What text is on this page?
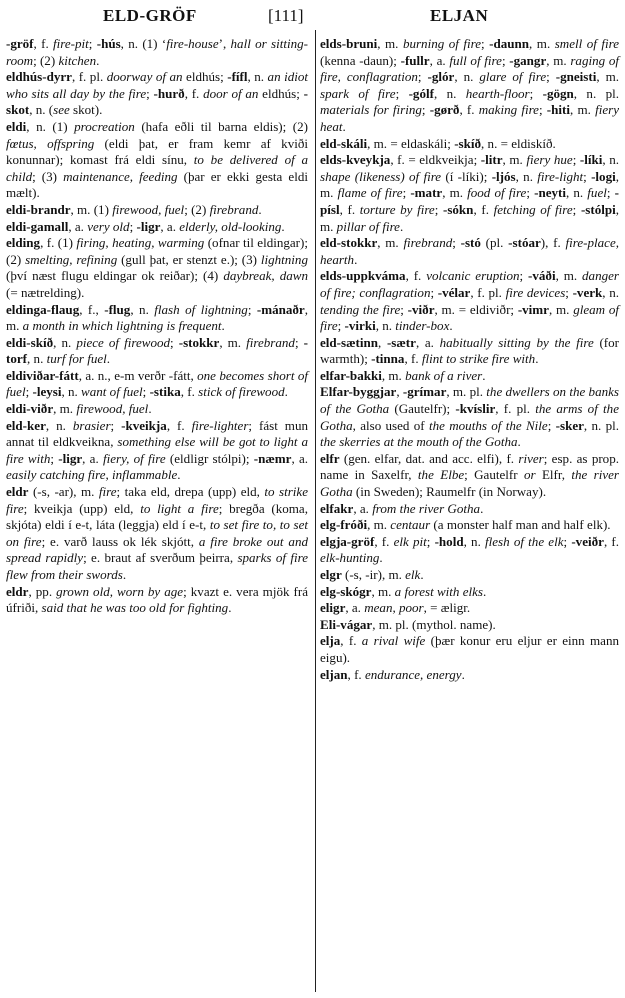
ELD-GRÖF	[111]	ELJAN

-gröf, f. fire-pit; -hús, n. (1) ‘fire-house’, hall or sitting-room; (2) kitchen.

eldhús-dyrr, f. pl. doorway of an eldhús; -fífl, n. an idiot who sits all day by the fire; -hurð, f. door of an eldhús; -skot, n. (see skot).

eldi, n. (1) procreation (hafa eðli til barna eldis); (2) fœtus, offspring (eldi þat, er fram kemr af kviði konunnar); komast frá eldi sínu, to be delivered of a child; (3) maintenance, feeding (þar er ekki gesta eldi mælt).

eldi-brandr, m. (1) firewood, fuel; (2) firebrand.

eldi-gamall, a. very old; -ligr, a. elderly, old-looking.

elding, f. (1) firing, heating, warming (ofnar til eldingar); (2) smelting, refining (gull þat, er stenzt e.); (3) lightning (því næst flugu eldingar ok reiðar); (4) daybreak, dawn (= nætrelding).

eldinga-flaug, f., -flug, n. flash of lightning; -mánaðr, m. a month in which lightning is frequent.

eldi-skíð, n. piece of firewood; -stokkr, m. firebrand; -torf, n. turf for fuel.

eldiviðar-fátt, a. n., e-m verðr -fátt, one becomes short of fuel; -leysi, n. want of fuel; -stika, f. stick of firewood.

eldi-viðr, m. firewood, fuel.

eld-ker, n. brasier; -kveikja, f. fire-lighter; fást mun annat til eldkveikna, something else will be got to light a fire with; -ligr, a. fiery, of fire (eldligr stólpi); -næmr, a. easily catching fire, inflammable.

eldr (-s, -ar), m. fire; taka eld, drepa (upp) eld, to strike fire; kveikja (upp) eld, to light a fire; bregða (koma, skjóta) eldi í e-t, láta (leggja) eld í e-t, to set fire to, to set on fire; e. varð lauss ok lék skjótt, a fire broke out and spread rapidly; e. braut af sverðum þeirra, sparks of fire flew from their swords.

eldr, pp. grown old, worn by age; kvazt e. vera mjök frá úfriði, said that he was too old for fighting.

elds-bruni, m. burning of fire; -daunn, m. smell of fire (kenna -daun); -fullr, a. full of fire; -gangr, m. raging of fire, conflagration; -glór, n. glare of fire; -gneisti, m. spark of fire; -gólf, n. hearth-floor; -gögn, n. pl. materials for firing; -gørð, f. making fire; -hiti, m. fiery heat.

eld-skáli, m. = eldaskáli; -skíð, n. = eldiskíð.

elds-kveykja, f. = eldkveikja; -litr, m. fiery hue; -líki, n. shape (likeness) of fire (í -líki); -ljós, n. fire-light; -logi, m. flame of fire; -matr, m. food of fire; -neyti, n. fuel; -písl, f. torture by fire; -sókn, f. fetching of fire; -stólpi, m. pillar of fire.

eld-stokkr, m. firebrand; -stó (pl. -stóar), f. fire-place, hearth.

elds-uppkváma, f. volcanic eruption; -váði, m. danger of fire; conflagration; -vélar, f. pl. fire devices; -verk, n. tending the fire; -viðr, m. = eldiviðr; -vimr, m. gleam of fire; -virki, n. tinder-box.

eld-sætinn, -sætr, a. habitually sitting by the fire (for warmth); -tinna, f. flint to strike fire with.

elfar-bakki, m. bank of a river.

Elfar-byggjar, -grímar, m. pl. the dwellers on the banks of the Gotha (Gautelfr); -kvíslir, f. pl. the arms of the Gotha, also used of the mouths of the Nile; -sker, n. pl. the skerries at the mouth of the Gotha.

elfr (gen. elfar, dat. and acc. elfi), f. river; esp. as prop. name in Saxelfr, the Elbe; Gautelfr or Elfr, the river Gotha (in Sweden); Raumelfr (in Norway).

elfakr, a. from the river Gotha.

elg-fróði, m. centaur (a monster half man and half elk).

elgja-gröf, f. elk pit; -hold, n. flesh of the elk; -veiðr, f. elk-hunting.

elgr (-s, -ir), m. elk.

elg-skógr, m. a forest with elks.

eligr, a. mean, poor, = æligr.

Eli-vágar, m. pl. (mythol. name).

elja, f. a rival wife (þær konur eru eljur er einn mann eigu).

eljan, f. endurance, energy.
